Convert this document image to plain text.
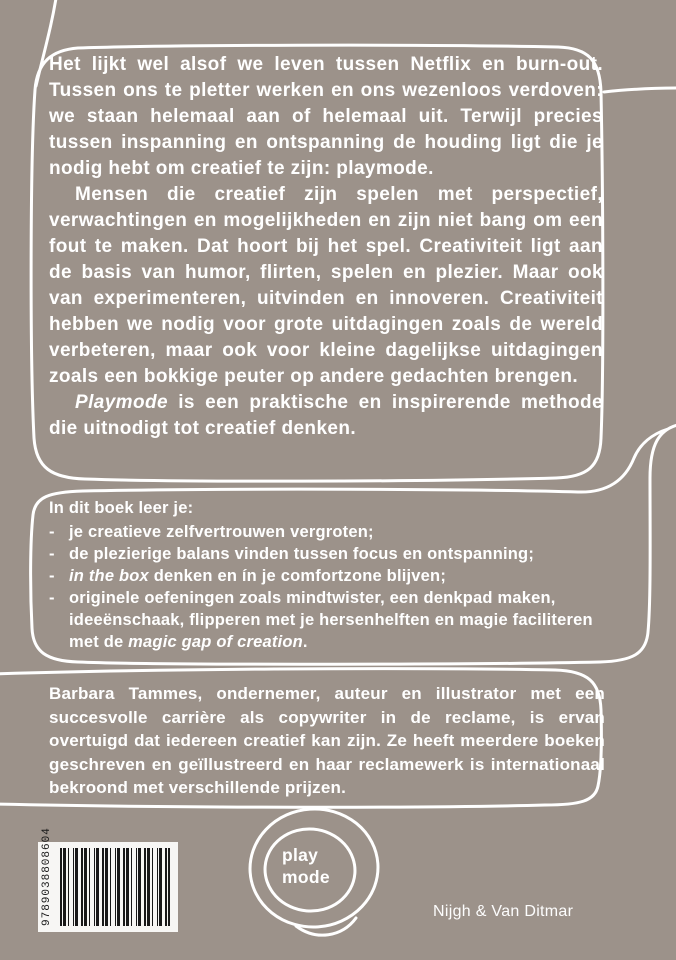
Het lijkt wel alsof we leven tussen Netflix en burn-out. Tussen ons te pletter werken en ons wezenloos verdoven: we staan helemaal aan of helemaal uit. Terwijl precies tussen inspanning en ontspanning de houding ligt die je nodig hebt om creatief te zijn: playmode.

Mensen die creatief zijn spelen met perspectief, verwachtingen en mogelijkheden en zijn niet bang om een fout te maken. Dat hoort bij het spel. Creativiteit ligt aan de basis van humor, flirten, spelen en plezier. Maar ook van experimenteren, uitvinden en innoveren. Creativiteit hebben we nodig voor grote uitdagingen zoals de wereld verbeteren, maar ook voor kleine dagelijkse uitdagingen zoals een bokkige peuter op andere gedachten brengen.

Playmode is een praktische en inspirerende methode die uitnodigt tot creatief denken.

In dit boek leer je:

- je creatieve zelfvertrouwen vergroten;
- de plezierige balans vinden tussen focus en ontspanning;
- in the box denken en ín je comfortzone blijven;
- originele oefeningen zoals mindtwister, een denkpad maken, ideeënschaak, flipperen met je hersenhelften en magie faciliteren met de magic gap of creation.

Barbara Tammes, ondernemer, auteur en illustrator met een succesvolle carrière als copywriter in de reclame, is ervan overtuigd dat iedereen creatief kan zijn. Ze heeft meerdere boeken geschreven en geïllustreerd en haar reclamewerk is internationaal bekroond met verschillende prijzen.

9789038808604	play
mode
Nijgh & Van Ditmar
